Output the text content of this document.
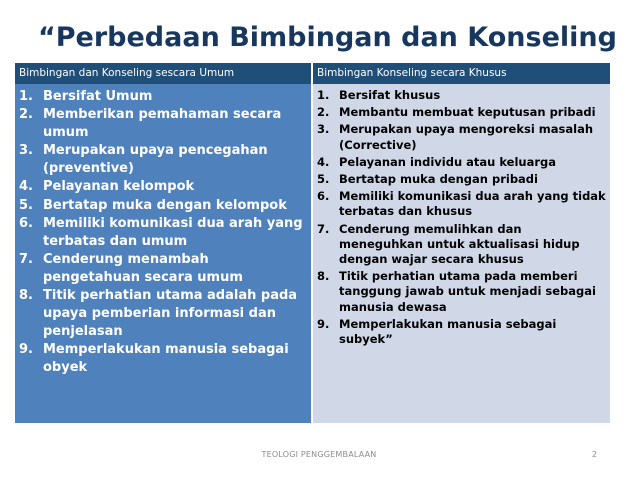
“Perbedaan Bimbingan dan Konseling
Bimbingan dan Konseling sescara Umum	Bimbingan Konseling secara Khusus
1. Bersifat Umum
2. Memberikan pemahaman secara umum
3. Merupakan upaya pencegahan (preventive)
4. Pelayanan kelompok
5. Bertatap muka dengan kelompok
6. Memiliki komunikasi dua arah yang terbatas dan umum
7. Cenderung menambah pengetahuan secara umum
8. Titik perhatian utama adalah pada upaya pemberian informasi dan penjelasan
9. Memperlakukan manusia sebagai obyek
1. Bersifat khusus
2. Membantu membuat keputusan pribadi
3. Merupakan upaya mengoreksi masalah (Corrective)
4. Pelayanan individu atau keluarga
5. Bertatap muka dengan pribadi
6. Memiliki komunikasi dua arah yang tidak terbatas dan khusus
7. Cenderung memulihkan dan meneguhkan untuk aktualisasi hidup dengan wajar secara khusus
8. Titik perhatian utama pada memberi tanggung jawab untuk menjadi sebagai manusia dewasa
9. Memperlakukan manusia sebagai subyek”
TEOLOGI PENGGEMBALAAN	2
